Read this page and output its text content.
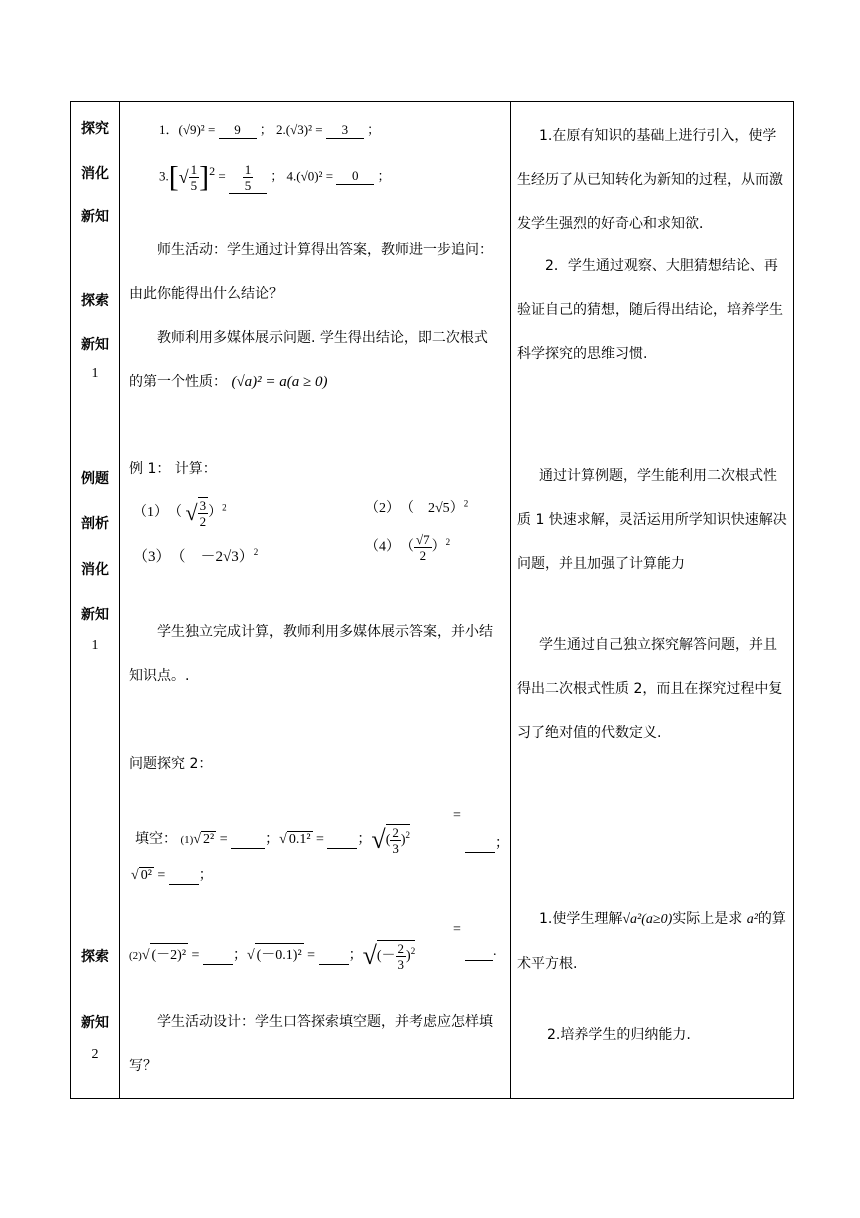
探究
消化
新知
探索
新知
1
例题
剖析
消化
新知
1
探索
新知
2
1．(√9)² = 9 ； 2.(√3)² = 3 ；
$3.[√ \frac{1}{5} ]2 = \frac{1}{5}$ ； 4.(√0)² = 0 ；
师生活动：学生通过计算得出答案，教师进一步追问：由此你能得出什么结论？
教师利用多媒体展示问题. 学生得出结论，即二次根式的第一个性质： (√a)² = a(a ≥ 0)
例 1： 计算：
（1）　（ √ $\frac{3}{2} )^2$	（2）　（　2√5）$^2$
（3）　（　－2√3）$^2$	（4）　（ $\frac{√7}{2} )^2$
学生独立完成计算，教师利用多媒体展示答案，并小结知识点。.
问题探究 2：
填空： (1)√ 2² =  ；√ 0.1² =  ；√( $\frac{2}{3} )^2$
=
；
√ 0² =  ；
(2)√ (－2)² =  ；√ (－0.1)² =  ；√(－ $\frac{2}{3} )^2$
=
.
学生活动设计：学生口答探索填空题，并考虑应怎样填写？
1.在原有知识的基础上进行引入，使学生经历了从已知转化为新知的过程，从而激发学生强烈的好奇心和求知欲．
2．学生通过观察、大胆猜想结论、再验证自己的猜想，随后得出结论，培养学生科学探究的思维习惯.
通过计算例题，学生能利用二次根式性质 1 快速求解，灵活运用所学知识快速解决问题，并且加强了计算能力
学生通过自己独立探究解答问题，并且得出二次根式性质 2，而且在探究过程中复习了绝对值的代数定义.
1.使学生理解√a²(a≥0)实际上是求 a²的算术平方根.
2.培养学生的归纳能力.
